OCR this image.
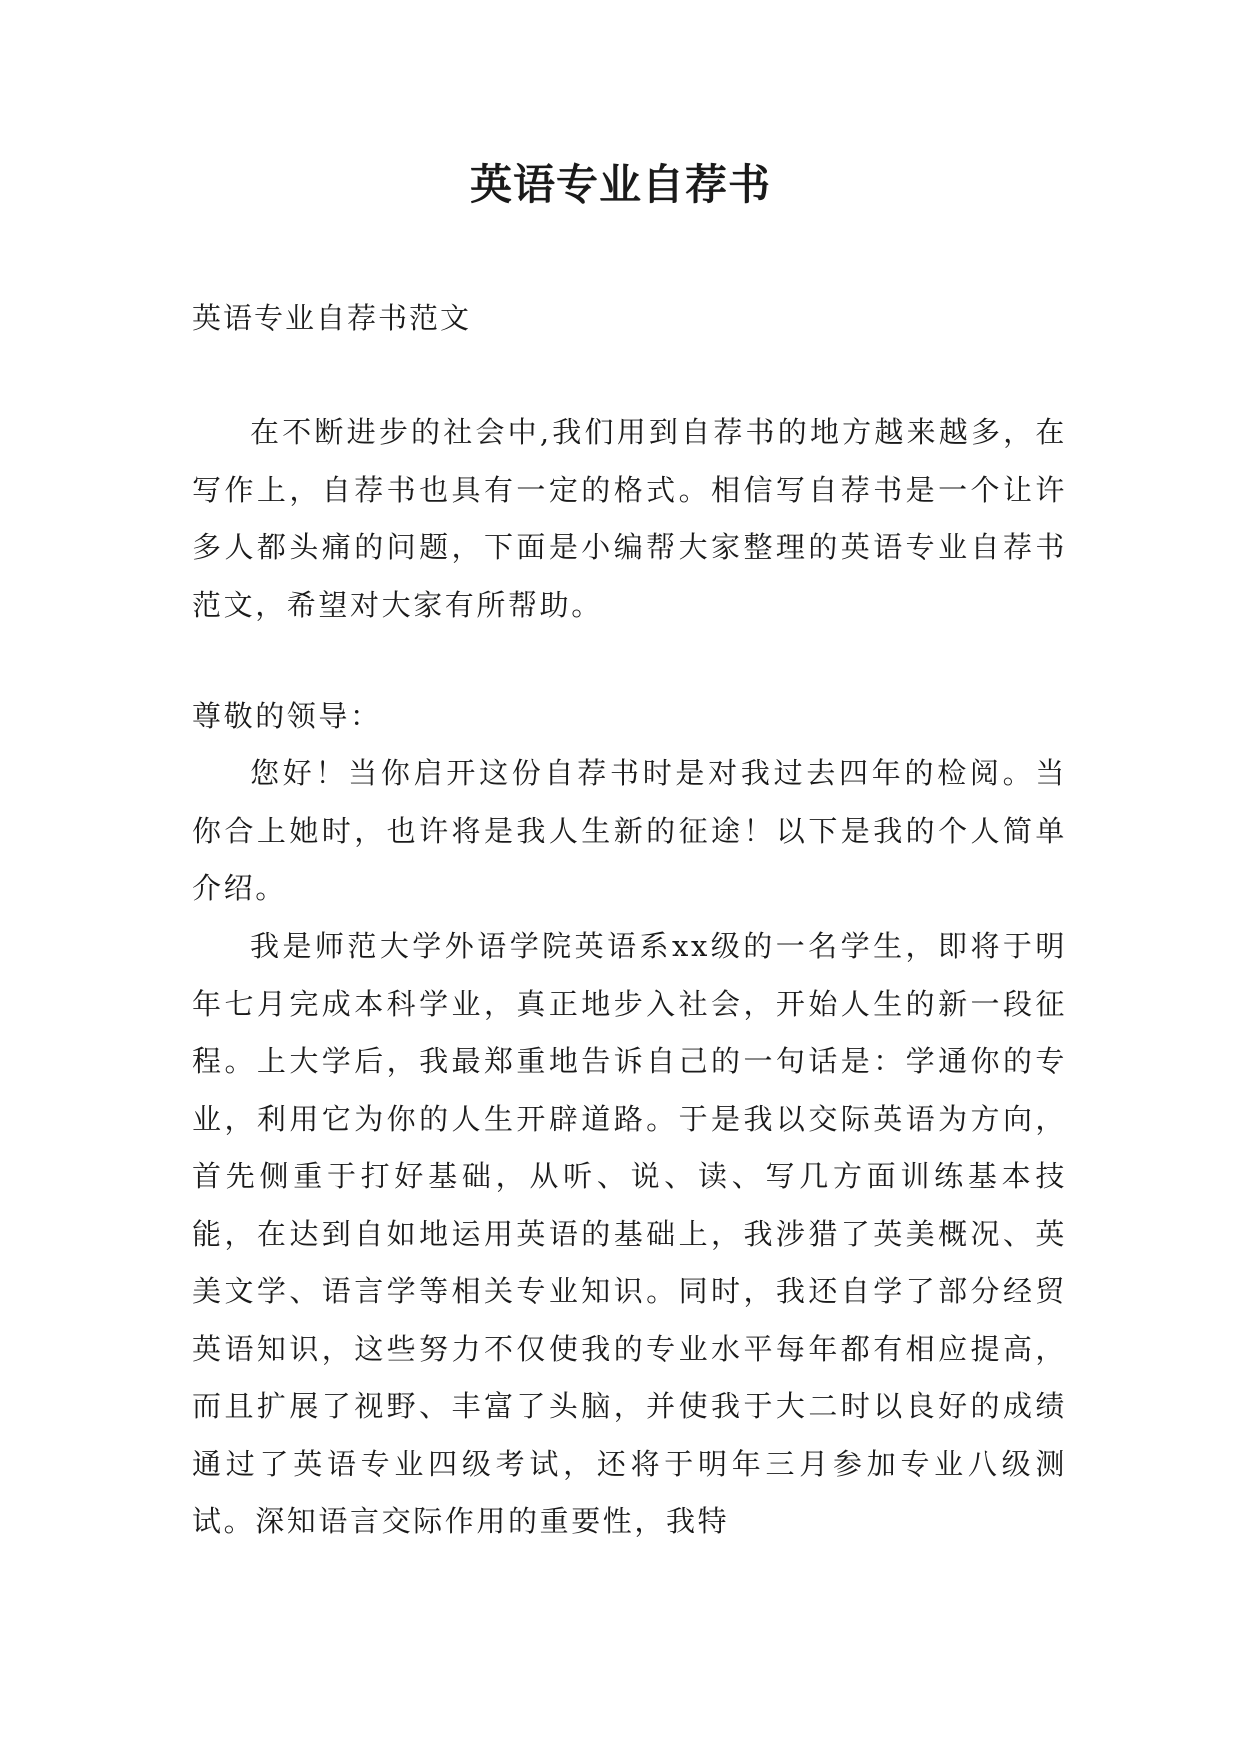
英语专业自荐书
英语专业自荐书范文

在不断进步的社会中,我们用到自荐书的地方越来越多，在写作上，自荐书也具有一定的格式。相信写自荐书是一个让许多人都头痛的问题，下面是小编帮大家整理的英语专业自荐书范文，希望对大家有所帮助。

尊敬的领导：

您好！当你启开这份自荐书时是对我过去四年的检阅。当你合上她时，也许将是我人生新的征途！以下是我的个人简单介绍。

我是师范大学外语学院英语系xx级的一名学生，即将于明年七月完成本科学业，真正地步入社会，开始人生的新一段征程。上大学后，我最郑重地告诉自己的一句话是：学通你的专业，利用它为你的人生开辟道路。于是我以交际英语为方向，首先侧重于打好基础，从听、说、读、写几方面训练基本技能，在达到自如地运用英语的基础上，我涉猎了英美概况、英美文学、语言学等相关专业知识。同时，我还自学了部分经贸英语知识，这些努力不仅使我的专业水平每年都有相应提高，而且扩展了视野、丰富了头脑，并使我于大二时以良好的成绩通过了英语专业四级考试，还将于明年三月参加专业八级测试。深知语言交际作用的重要性，我特
